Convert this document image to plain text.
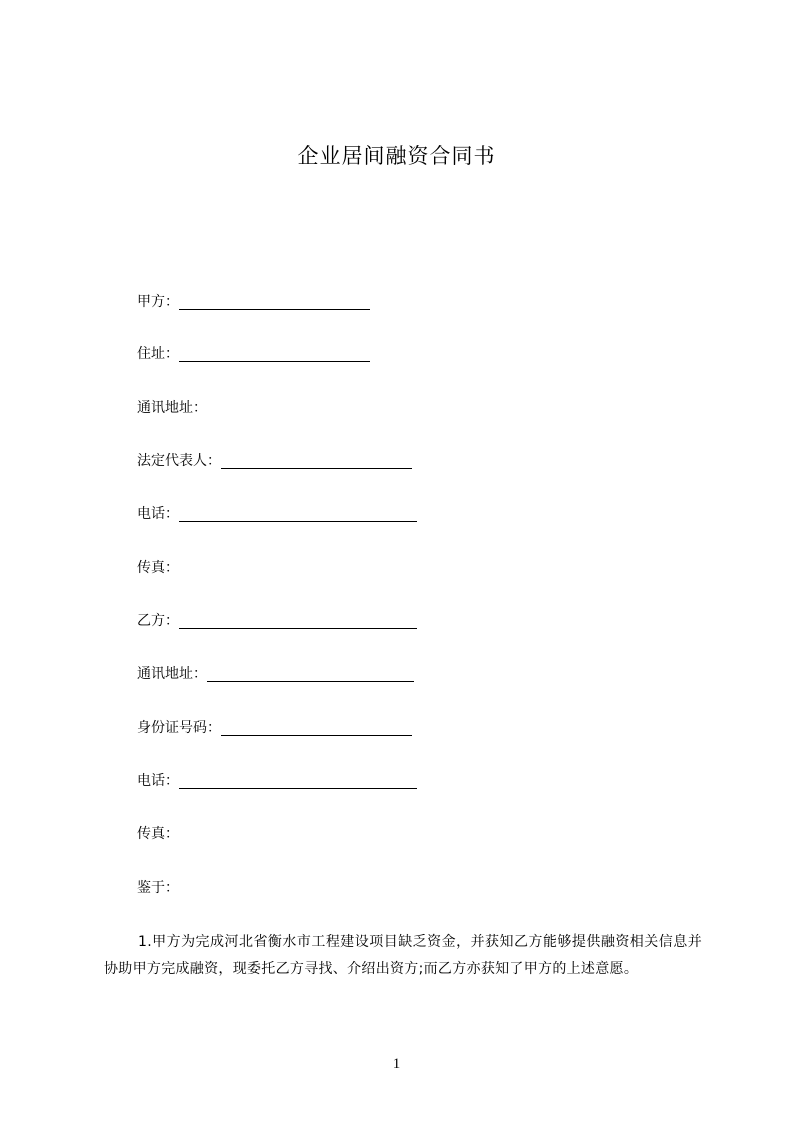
企业居间融资合同书
甲方：
住址：
通讯地址：
法定代表人：
电话：
传真：
乙方：
通讯地址：
身份证号码：
电话：
传真：
鉴于：
1.甲方为完成河北省衡水市工程建设项目缺乏资金，并获知乙方能够提供融资相关信息并协助甲方完成融资，现委托乙方寻找、介绍出资方;而乙方亦获知了甲方的上述意愿。
1
